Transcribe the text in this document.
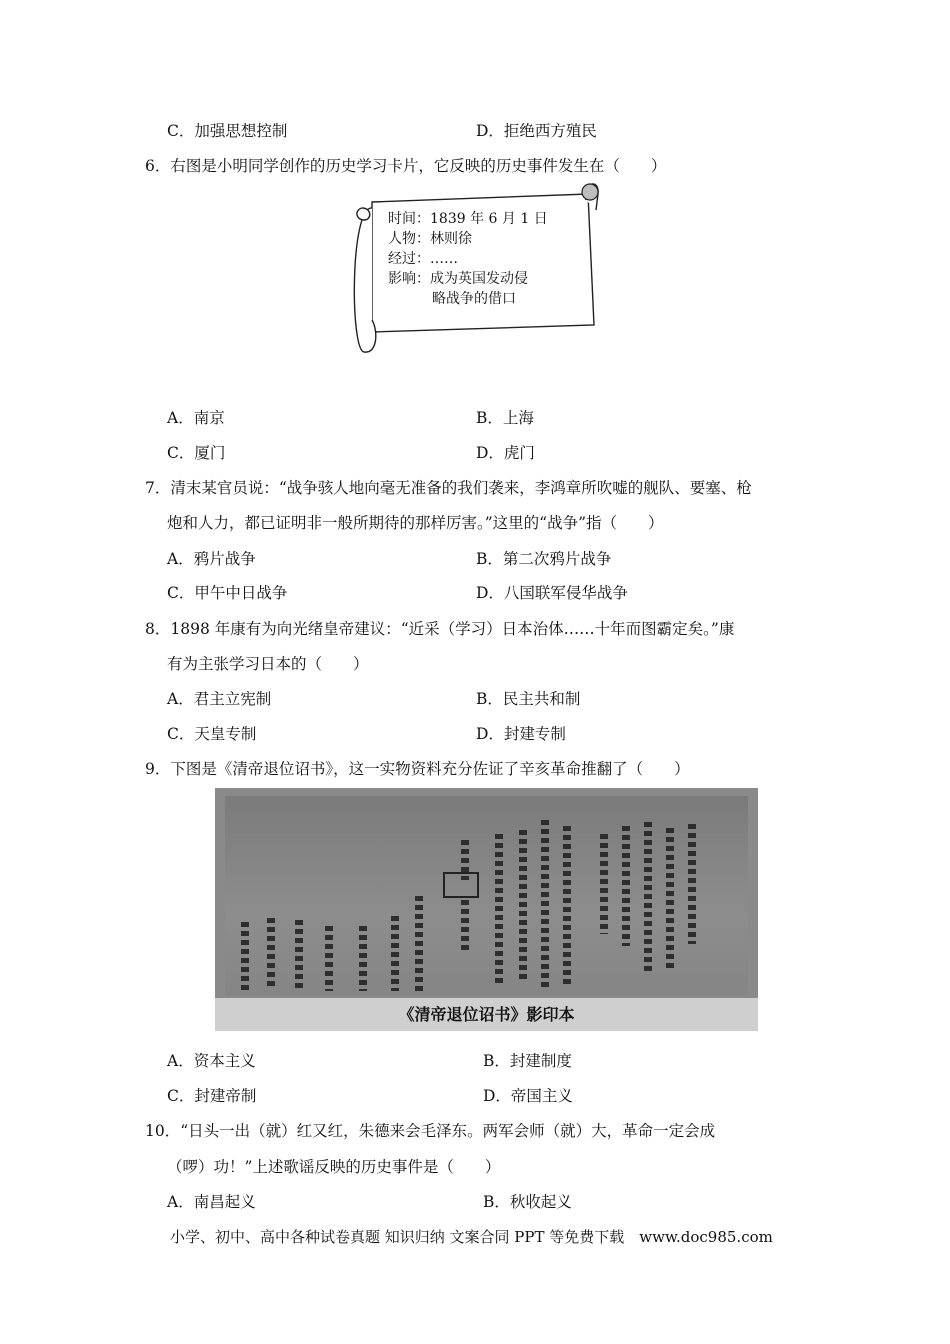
C．加强思想控制	D．拒绝西方殖民
6．右图是小明同学创作的历史学习卡片，它反映的历史事件发生在（　　）
时间：1839 年 6 月 1 日
人物：林则徐
经过：……
影响：成为英国发动侵
略战争的借口
A．南京	B．上海
C．厦门	D．虎门
7．清末某官员说：“战争骇人地向毫无准备的我们袭来，李鸿章所吹嘘的舰队、要塞、枪
炮和人力，都已证明非一般所期待的那样厉害。”这里的“战争”指（　　）
A．鸦片战争	B．第二次鸦片战争
C．甲午中日战争	D．八国联军侵华战争
8．1898 年康有为向光绪皇帝建议：“近采（学习）日本治体……十年而图霸定矣。”康
有为主张学习日本的（　　）
A．君主立宪制	B．民主共和制
C．天皇专制	D．封建专制
9．下图是《清帝退位诏书》，这一实物资料充分佐证了辛亥革命推翻了（　　）
《清帝退位诏书》影印本
A．资本主义	B．封建制度
C．封建帝制	D．帝国主义
10．“日头一出（就）红又红，朱德来会毛泽东。两军会师（就）大，革命一定会成
（啰）功！”上述歌谣反映的历史事件是（　　）
A．南昌起义	B．秋收起义
小学、初中、高中各种试卷真题 知识归纳 文案合同 PPT 等免费下载　www.doc985.com
